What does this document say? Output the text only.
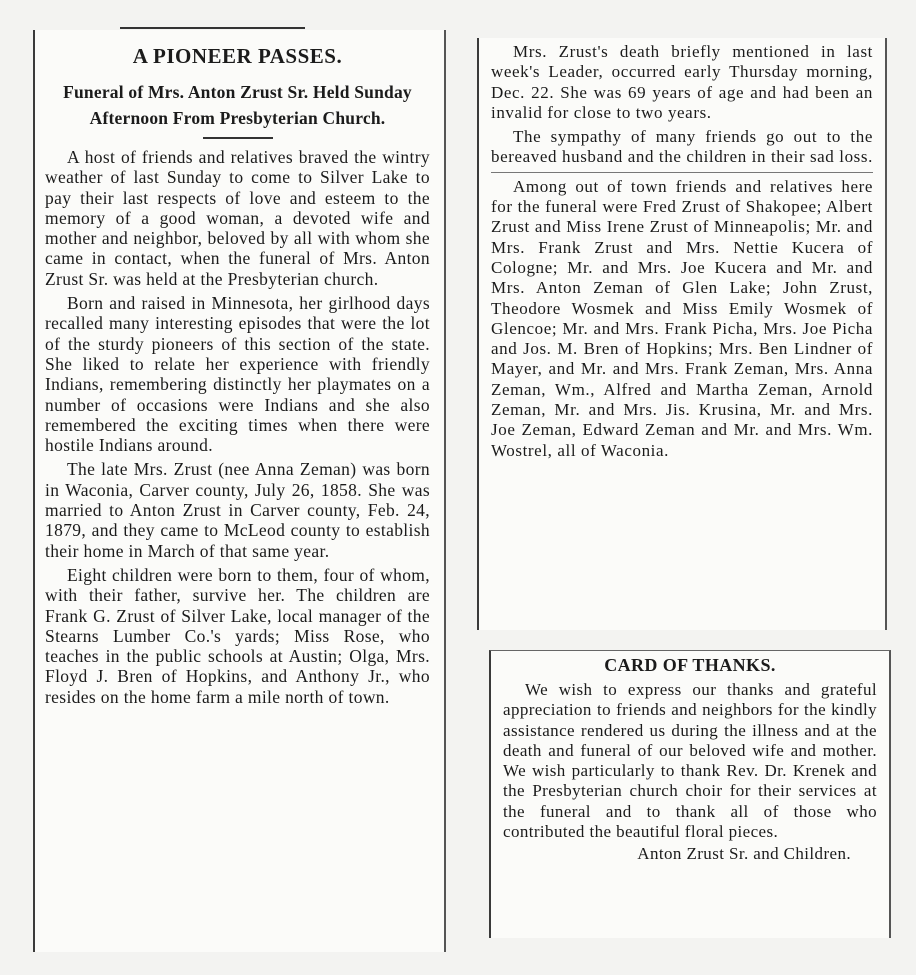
A PIONEER PASSES.
Funeral of Mrs. Anton Zrust Sr. Held Sunday Afternoon From Presbyterian Church.

A host of friends and relatives braved the wintry weather of last Sunday to come to Silver Lake to pay their last respects of love and esteem to the memory of a good woman, a devoted wife and mother and neighbor, beloved by all with whom she came in contact, when the funeral of Mrs. Anton Zrust Sr. was held at the Presbyterian church.

Born and raised in Minnesota, her girlhood days recalled many interesting episodes that were the lot of the sturdy pioneers of this section of the state. She liked to relate her experience with friendly Indians, remembering distinctly her playmates on a number of occasions were Indians and she also remembered the exciting times when there were hostile Indians around.

The late Mrs. Zrust (nee Anna Zeman) was born in Waconia, Carver county, July 26, 1858. She was married to Anton Zrust in Carver county, Feb. 24, 1879, and they came to McLeod county to establish their home in March of that same year.

Eight children were born to them, four of whom, with their father, survive her. The children are Frank G. Zrust of Silver Lake, local manager of the Stearns Lumber Co.'s yards; Miss Rose, who teaches in the public schools at Austin; Olga, Mrs. Floyd J. Bren of Hopkins, and Anthony Jr., who resides on the home farm a mile north of town.

Mrs. Zrust's death briefly mentioned in last week's Leader, occurred early Thursday morning, Dec. 22. She was 69 years of age and had been an invalid for close to two years.

The sympathy of many friends go out to the bereaved husband and the children in their sad loss.

Among out of town friends and relatives here for the funeral were Fred Zrust of Shakopee; Albert Zrust and Miss Irene Zrust of Minneapolis; Mr. and Mrs. Frank Zrust and Mrs. Nettie Kucera of Cologne; Mr. and Mrs. Joe Kucera and Mr. and Mrs. Anton Zeman of Glen Lake; John Zrust, Theodore Wosmek and Miss Emily Wosmek of Glencoe; Mr. and Mrs. Frank Picha, Mrs. Joe Picha and Jos. M. Bren of Hopkins; Mrs. Ben Lindner of Mayer, and Mr. and Mrs. Frank Zeman, Mrs. Anna Zeman, Wm., Alfred and Martha Zeman, Arnold Zeman, Mr. and Mrs. Jis. Krusina, Mr. and Mrs. Joe Zeman, Edward Zeman and Mr. and Mrs. Wm. Wostrel, all of Waconia.

CARD OF THANKS.

We wish to express our thanks and grateful appreciation to friends and neighbors for the kindly assistance rendered us during the illness and at the death and funeral of our beloved wife and mother. We wish particularly to thank Rev. Dr. Krenek and the Presbyterian church choir for their services at the funeral and to thank all of those who contributed the beautiful floral pieces.

Anton Zrust Sr. and Children.
